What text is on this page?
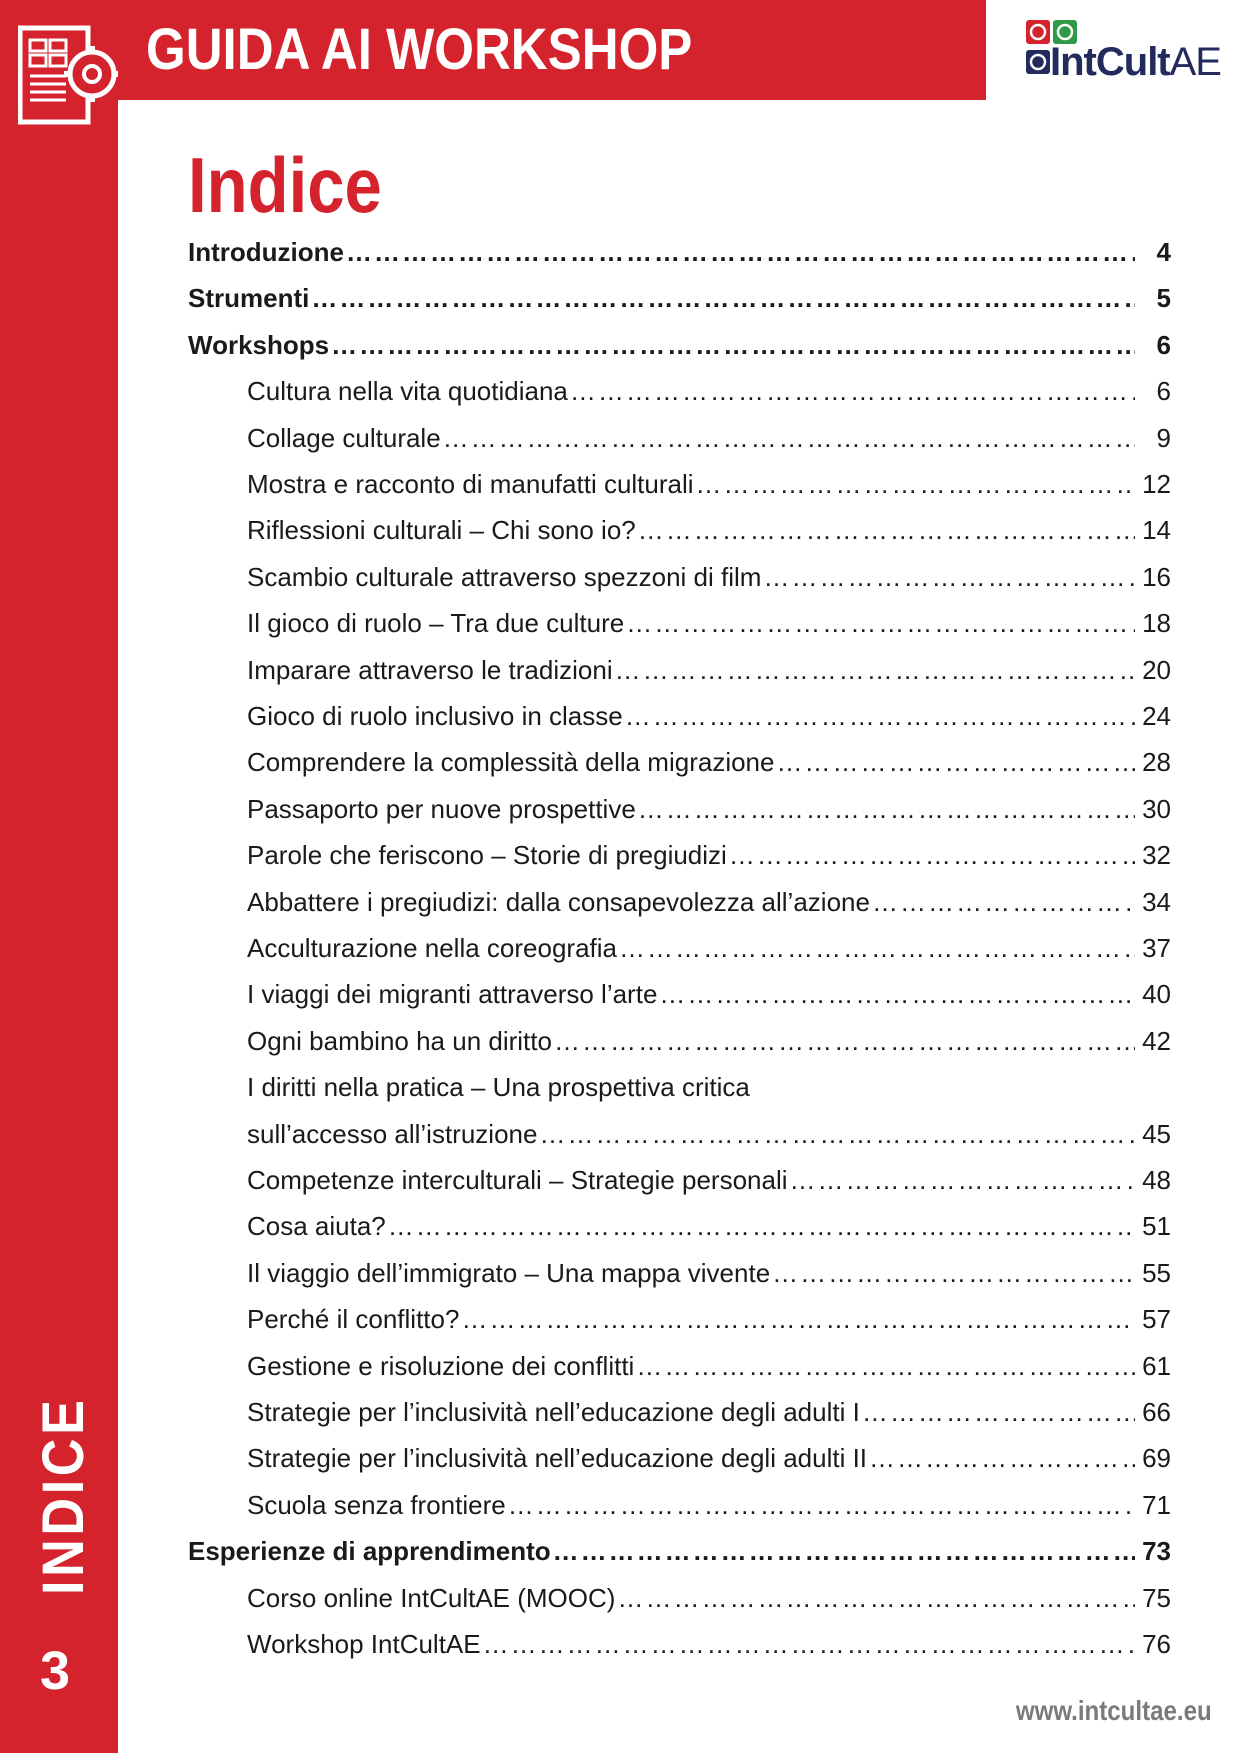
GUIDA AI WORKSHOP	IntCultAE
Indice
Introduzione …………………………………………………………………………………………………………………………………………………………	4
Strumenti …………………………………………………………………………………………………………………………………………………………	5
Workshops …………………………………………………………………………………………………………………………………………………………	6
Cultura nella vita quotidiana …………………………………………………………………………………………………………………………………………………………	6
Collage culturale …………………………………………………………………………………………………………………………………………………………	9
Mostra e racconto di manufatti culturali …………………………………………………………………………………………………………………………………………………………	12
Riflessioni culturali – Chi sono io? …………………………………………………………………………………………………………………………………………………………	14
Scambio culturale attraverso spezzoni di film …………………………………………………………………………………………………………………………………………………………	16
Il gioco di ruolo – Tra due culture …………………………………………………………………………………………………………………………………………………………	18
Imparare attraverso le tradizioni …………………………………………………………………………………………………………………………………………………………	20
Gioco di ruolo inclusivo in classe …………………………………………………………………………………………………………………………………………………………	24
Comprendere la complessità della migrazione …………………………………………………………………………………………………………………………………………………………	28
Passaporto per nuove prospettive …………………………………………………………………………………………………………………………………………………………	30
Parole che feriscono – Storie di pregiudizi …………………………………………………………………………………………………………………………………………………………	32
Abbattere i pregiudizi: dalla consapevolezza all’azione …………………………………………………………………………………………………………………………………………………………	34
Acculturazione nella coreografia …………………………………………………………………………………………………………………………………………………………	37
I viaggi dei migranti attraverso l’arte …………………………………………………………………………………………………………………………………………………………	40
Ogni bambino ha un diritto …………………………………………………………………………………………………………………………………………………………	42
I diritti nella pratica – Una prospettiva critica
sull’accesso all’istruzione …………………………………………………………………………………………………………………………………………………………	45
Competenze interculturali – Strategie personali …………………………………………………………………………………………………………………………………………………………	48
Cosa aiuta? …………………………………………………………………………………………………………………………………………………………	51
Il viaggio dell’immigrato – Una mappa vivente …………………………………………………………………………………………………………………………………………………………	55
Perché il conflitto? …………………………………………………………………………………………………………………………………………………………	57
Gestione e risoluzione dei conflitti …………………………………………………………………………………………………………………………………………………………	61
Strategie per l’inclusività nell’educazione degli adulti I …………………………………………………………………………………………………………………………………………………………	66
Strategie per l’inclusività nell’educazione degli adulti II …………………………………………………………………………………………………………………………………………………………	69
Scuola senza frontiere …………………………………………………………………………………………………………………………………………………………	71
Esperienze di apprendimento …………………………………………………………………………………………………………………………………………………………	73
Corso online IntCultAE (MOOC) …………………………………………………………………………………………………………………………………………………………	75
Workshop IntCultAE …………………………………………………………………………………………………………………………………………………………	76
INDICE
3
www.intcultae.eu
